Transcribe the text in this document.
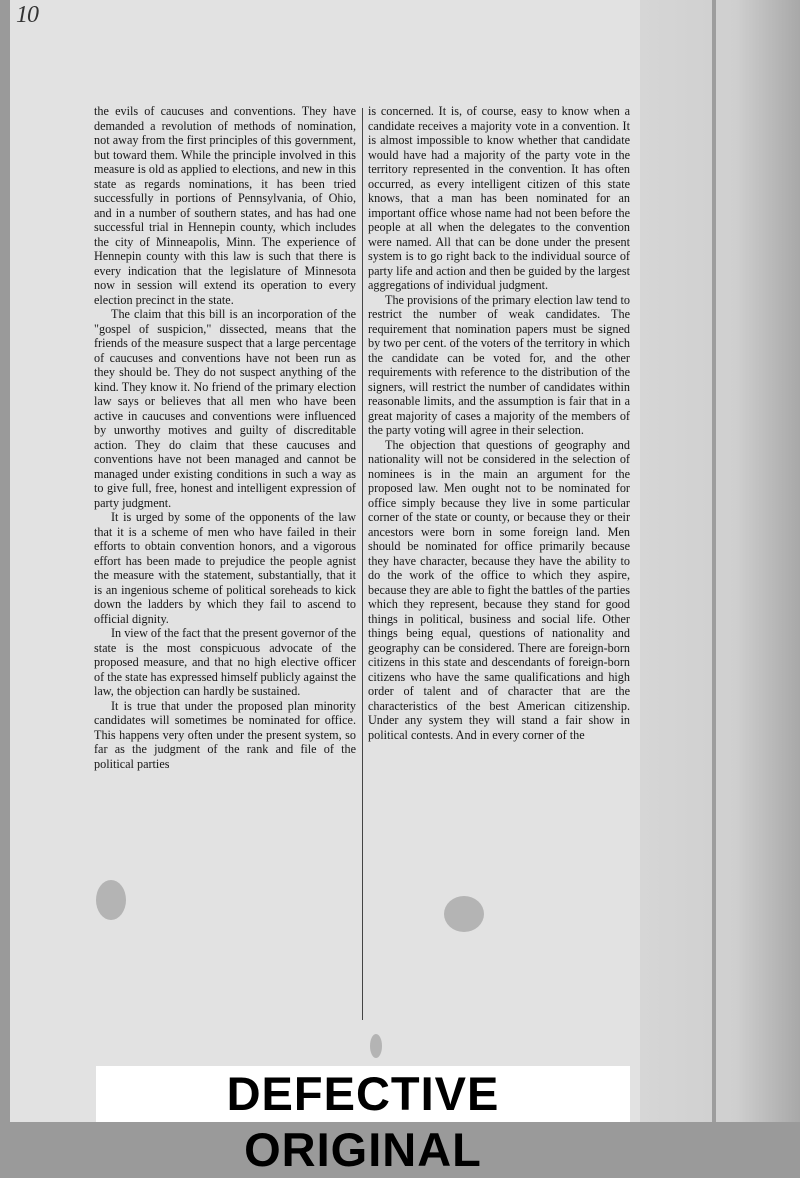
10

the evils of caucuses and conventions. They have demanded a revolution of methods of nomination, not away from the first principles of this government, but toward them. While the principle involved in this measure is old as applied to elections, and new in this state as regards nominations, it has been tried successfully in portions of Pennsylvania, of Ohio, and in a number of southern states, and has had one successful trial in Hennepin county, which includes the city of Minneapolis, Minn. The experience of Hennepin county with this law is such that there is every indication that the legislature of Minnesota now in session will extend its operation to every election precinct in the state.

The claim that this bill is an incorporation of the "gospel of suspicion," dissected, means that the friends of the measure suspect that a large percentage of caucuses and conventions have not been run as they should be. They do not suspect anything of the kind. They know it. No friend of the primary election law says or believes that all men who have been active in caucuses and conventions were influenced by unworthy motives and guilty of discreditable action. They do claim that these caucuses and conventions have not been managed and cannot be managed under existing conditions in such a way as to give full, free, honest and intelligent expression of party judgment.

It is urged by some of the opponents of the law that it is a scheme of men who have failed in their efforts to obtain convention honors, and a vigorous effort has been made to prejudice the people agnist the measure with the statement, substantially, that it is an ingenious scheme of political soreheads to kick down the ladders by which they fail to ascend to official dignity.

In view of the fact that the present governor of the state is the most conspicuous advocate of the proposed measure, and that no high elective officer of the state has expressed himself publicly against the law, the objection can hardly be sustained.

It is true that under the proposed plan minority candidates will sometimes be nominated for office. This happens very often under the present system, so far as the judgment of the rank and file of the political parties

is concerned. It is, of course, easy to know when a candidate receives a majority vote in a convention. It is almost impossible to know whether that candidate would have had a majority of the party vote in the territory represented in the convention. It has often occurred, as every intelligent citizen of this state knows, that a man has been nominated for an important office whose name had not been before the people at all when the delegates to the convention were named. All that can be done under the present system is to go right back to the individual source of party life and action and then be guided by the largest aggregations of individual judgment.

The provisions of the primary election law tend to restrict the number of weak candidates. The requirement that nomination papers must be signed by two per cent. of the voters of the territory in which the candidate can be voted for, and the other requirements with reference to the distribution of the signers, will restrict the number of candidates within reasonable limits, and the assumption is fair that in a great majority of cases a majority of the members of the party voting will agree in their selection.

The objection that questions of geography and nationality will not be considered in the selection of nominees is in the main an argument for the proposed law. Men ought not to be nominated for office simply because they live in some particular corner of the state or county, or because they or their ancestors were born in some foreign land. Men should be nominated for office primarily because they have character, because they have the ability to do the work of the office to which they aspire, because they are able to fight the battles of the parties which they represent, because they stand for good things in political, business and social life. Other things being equal, questions of nationality and geography can be considered. There are foreign-born citizens in this state and descendants of foreign-born citizens who have the same qualifications and high order of talent and of character that are the characteristics of the best American citizenship. Under any system they will stand a fair show in political contests. And in every corner of the

DEFECTIVE ORIGINAL
